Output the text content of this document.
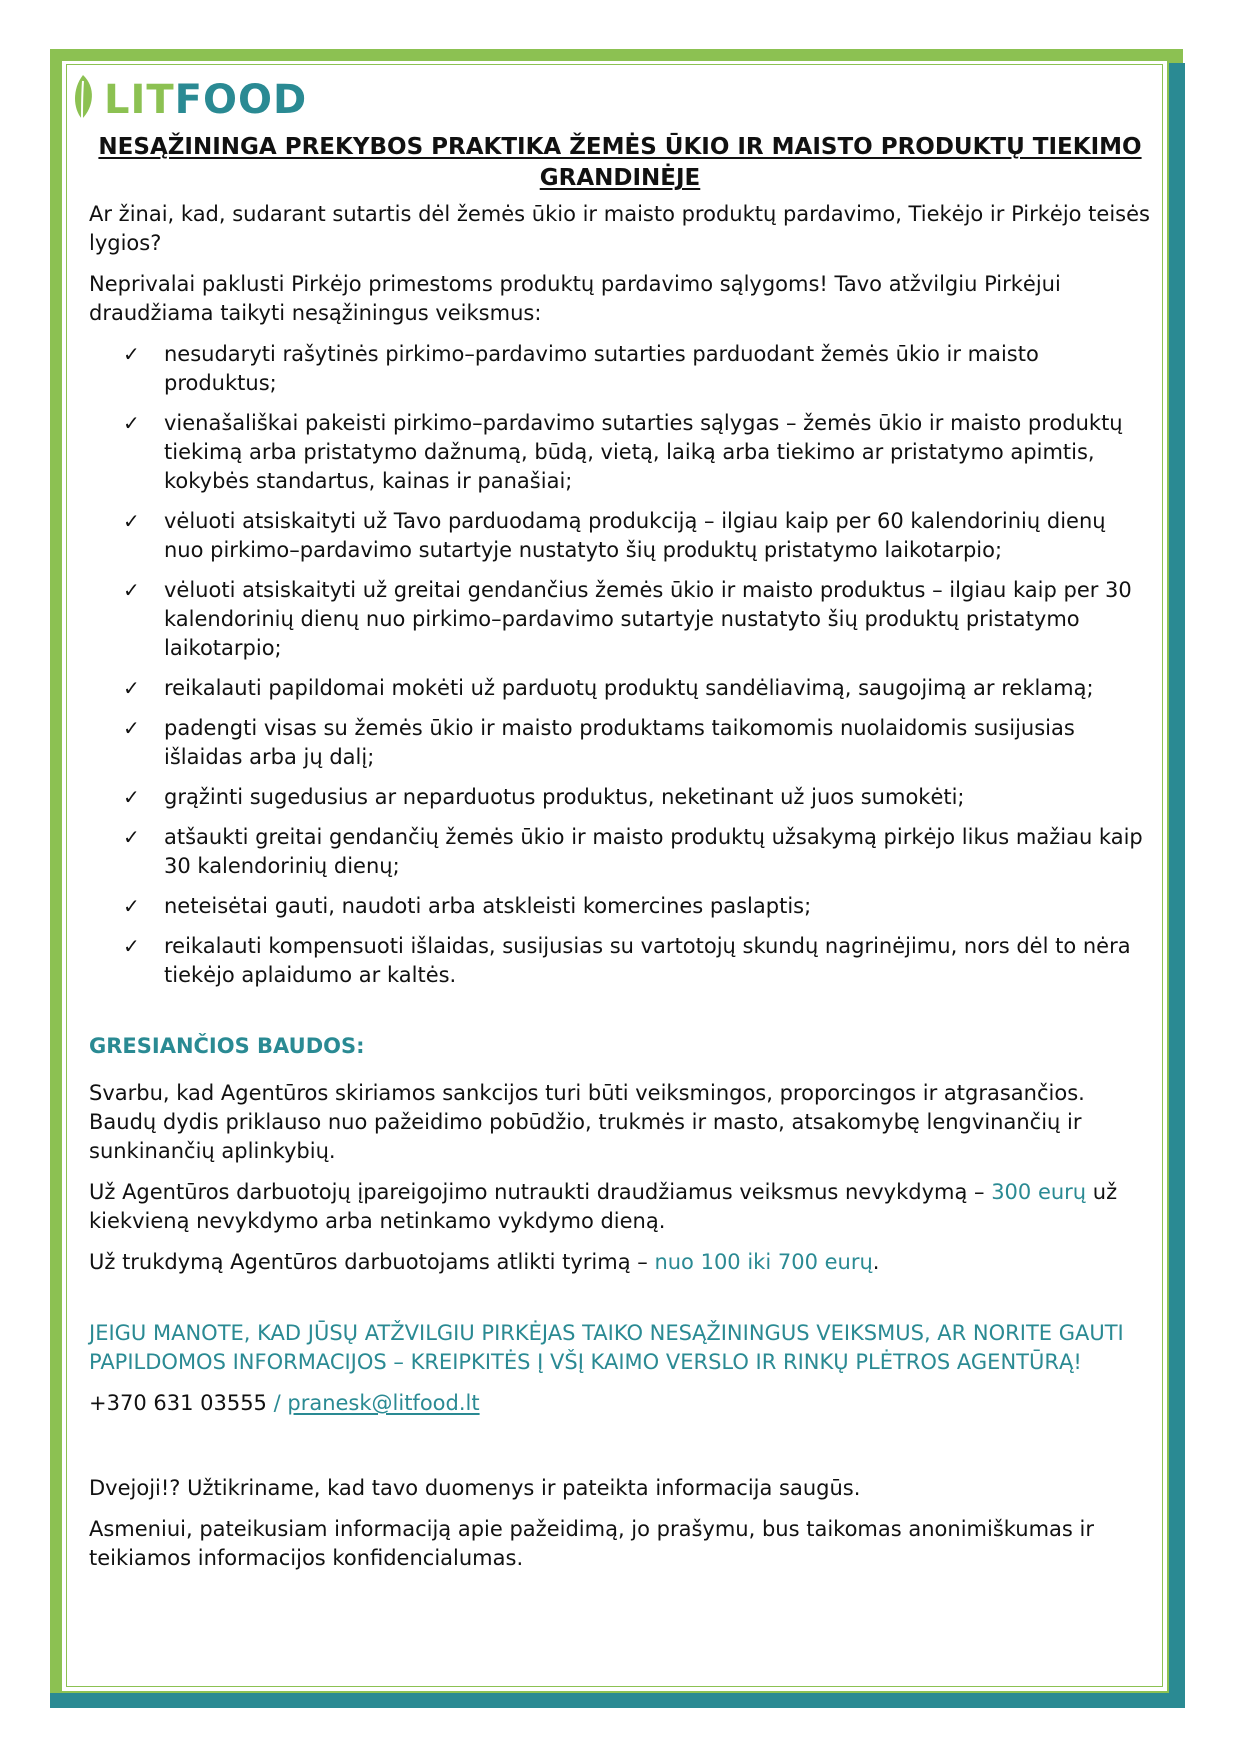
LITFOOD
NESĄŽININGA PREKYBOS PRAKTIKA ŽEMĖS ŪKIO IR MAISTO PRODUKTŲ TIEKIMO GRANDINĖJE

Ar žinai, kad, sudarant sutartis dėl žemės ūkio ir maisto produktų pardavimo, Tiekėjo ir Pirkėjo teisės lygios?

Neprivalai paklusti Pirkėjo primestoms produktų pardavimo sąlygoms! Tavo atžvilgiu Pirkėjui draudžiama taikyti nesąžiningus veiksmus:

✓ nesudaryti rašytinės pirkimo–pardavimo sutarties parduodant žemės ūkio ir maisto produktus;
✓ vienašališkai pakeisti pirkimo–pardavimo sutarties sąlygas – žemės ūkio ir maisto produktų tiekimą arba pristatymo dažnumą, būdą, vietą, laiką arba tiekimo ar pristatymo apimtis, kokybės standartus, kainas ir panašiai;
✓ vėluoti atsiskaityti už Tavo parduodamą produkciją – ilgiau kaip per 60 kalendorinių dienų nuo pirkimo–pardavimo sutartyje nustatyto šių produktų pristatymo laikotarpio;
✓ vėluoti atsiskaityti už greitai gendančius žemės ūkio ir maisto produktus – ilgiau kaip per 30 kalendorinių dienų nuo pirkimo–pardavimo sutartyje nustatyto šių produktų pristatymo laikotarpio;
✓ reikalauti papildomai mokėti už parduotų produktų sandėliavimą, saugojimą ar reklamą;
✓ padengti visas su žemės ūkio ir maisto produktams taikomomis nuolaidomis susijusias išlaidas arba jų dalį;
✓ grąžinti sugedusius ar neparduotus produktus, neketinant už juos sumokėti;
✓ atšaukti greitai gendančių žemės ūkio ir maisto produktų užsakymą pirkėjo likus mažiau kaip 30 kalendorinių dienų;
✓ neteisėtai gauti, naudoti arba atskleisti komercines paslaptis;
✓ reikalauti kompensuoti išlaidas, susijusias su vartotojų skundų nagrinėjimu, nors dėl to nėra tiekėjo aplaidumo ar kaltės.
GRESIANČIOS BAUDOS:

Svarbu, kad Agentūros skiriamos sankcijos turi būti veiksmingos, proporcingos ir atgrasančios. Baudų dydis priklauso nuo pažeidimo pobūdžio, trukmės ir masto, atsakomybę lengvinančių ir sunkinančių aplinkybių.

Už Agentūros darbuotojų įpareigojimo nutraukti draudžiamus veiksmus nevykdymą – 300 eurų už kiekvieną nevykdymo arba netinkamo vykdymo dieną.

Už trukdymą Agentūros darbuotojams atlikti tyrimą – nuo 100 iki 700 eurų.

JEIGU MANOTE, KAD JŪSŲ ATŽVILGIU PIRKĖJAS TAIKO NESĄŽININGUS VEIKSMUS, AR NORITE GAUTI PAPILDOMOS INFORMACIJOS – KREIPKITĖS Į VŠĮ KAIMO VERSLO IR RINKŲ PLĖTROS AGENTŪRĄ!

+370 631 03555 / pranesk@litfood.lt

Dvejoji!? Užtikriname, kad tavo duomenys ir pateikta informacija saugūs.

Asmeniui, pateikusiam informaciją apie pažeidimą, jo prašymu, bus taikomas anonimiškumas ir teikiamos informacijos konfidencialumas.
